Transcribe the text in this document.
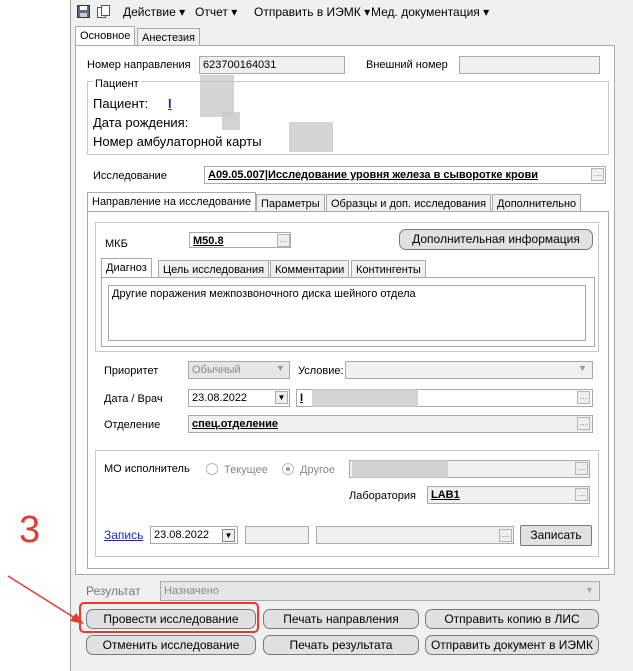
Действие ▾ Отчет ▾ Отправить в ИЭМК ▾ Мед. документация ▾
Основное	Анестезия
Номер направления	623700164031	Внешний номер
Пациент
Пациент: I
Дата рождения:
Номер амбулаторной карты
Исследование	A09.05.007|Исследование уровня железа в сыворотке крови	…
Направление на исследование Параметры	Образцы и доп. исследования Дополнительно
МКБ	M50.8	…	Дополнительная информация
Диагноз	Цель исследования Комментарии	Контингенты
Другие поражения межпозвоночного диска шейного отдела
Приоритет	Обычный	▼ Условие:	▼
Дата / Врач	23.08.2022	▼	I	…
Отделение	спец.отделение	…
МО исполнитель	Текущее	Другое	…
Лаборатория	LAB1	…
Запись 23.08.2022	▼	…	Записать
3
Результат	Назначено	▼
Провести исследование	Печать направления	Отправить копию в ЛИС
Отменить исследование	Печать результата	Отправить документ в ИЭМК
